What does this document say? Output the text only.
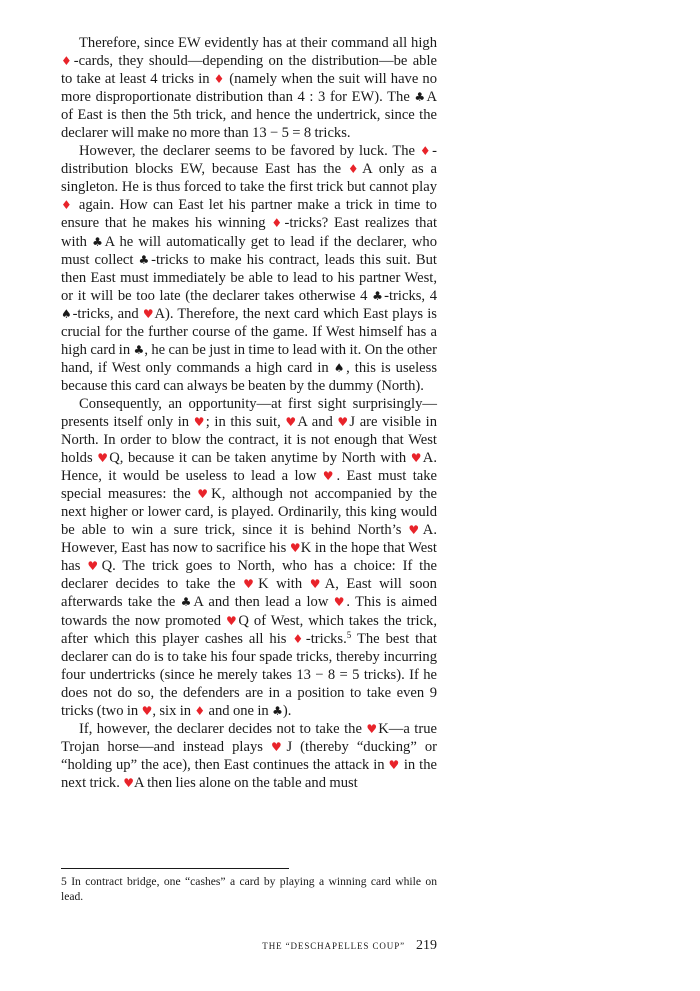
Therefore, since EW evidently has at their command all high ♦-cards, they should—depending on the distribution—be able to take at least 4 tricks in ♦ (namely when the suit will have no more disproportionate distribution than 4 : 3 for EW). The ♣A of East is then the 5th trick, and hence the undertrick, since the declarer will make no more than 13 − 5 = 8 tricks.

However, the declarer seems to be favored by luck. The ♦-distribution blocks EW, because East has the ♦A only as a singleton. He is thus forced to take the first trick but cannot play ♦ again. How can East let his partner make a trick in time to ensure that he makes his winning ♦-tricks? East realizes that with ♣A he will automatically get to lead if the declarer, who must collect ♣-tricks to make his contract, leads this suit. But then East must immediately be able to lead to his partner West, or it will be too late (the declarer takes otherwise 4 ♣-tricks, 4 ♠-tricks, and ♥A). Therefore, the next card which East plays is crucial for the further course of the game. If West himself has a high card in ♣, he can be just in time to lead with it. On the other hand, if West only commands a high card in ♠, this is useless because this card can always be beaten by the dummy (North).

Consequently, an opportunity—at first sight surprisingly—presents itself only in ♥; in this suit, ♥A and ♥J are visible in North. In order to blow the contract, it is not enough that West holds ♥Q, because it can be taken anytime by North with ♥A. Hence, it would be useless to lead a low ♥. East must take special measures: the ♥K, although not accompanied by the next higher or lower card, is played. Ordinarily, this king would be able to win a sure trick, since it is behind North’s ♥A. However, East has now to sacrifice his ♥K in the hope that West has ♥Q. The trick goes to North, who has a choice: If the declarer decides to take the ♥K with ♥A, East will soon afterwards take the ♣A and then lead a low ♥. This is aimed towards the now promoted ♥Q of West, which takes the trick, after which this player cashes all his ♦-tricks.$^5$ The best that declarer can do is to take his four spade tricks, thereby incurring four undertricks (since he merely takes 13 − 8 = 5 tricks). If he does not do so, the defenders are in a position to take even 9 tricks (two in ♥, six in ♦ and one in ♣).

If, however, the declarer decides not to take the ♥K—a true Trojan horse—and instead plays ♥J (thereby “ducking” or “holding up” the ace), then East continues the attack in ♥ in the next trick. ♥A then lies alone on the table and must

5 In contract bridge, one “cashes” a card by playing a winning card while on lead.
THE “DESCHAPELLES COUP” 219
